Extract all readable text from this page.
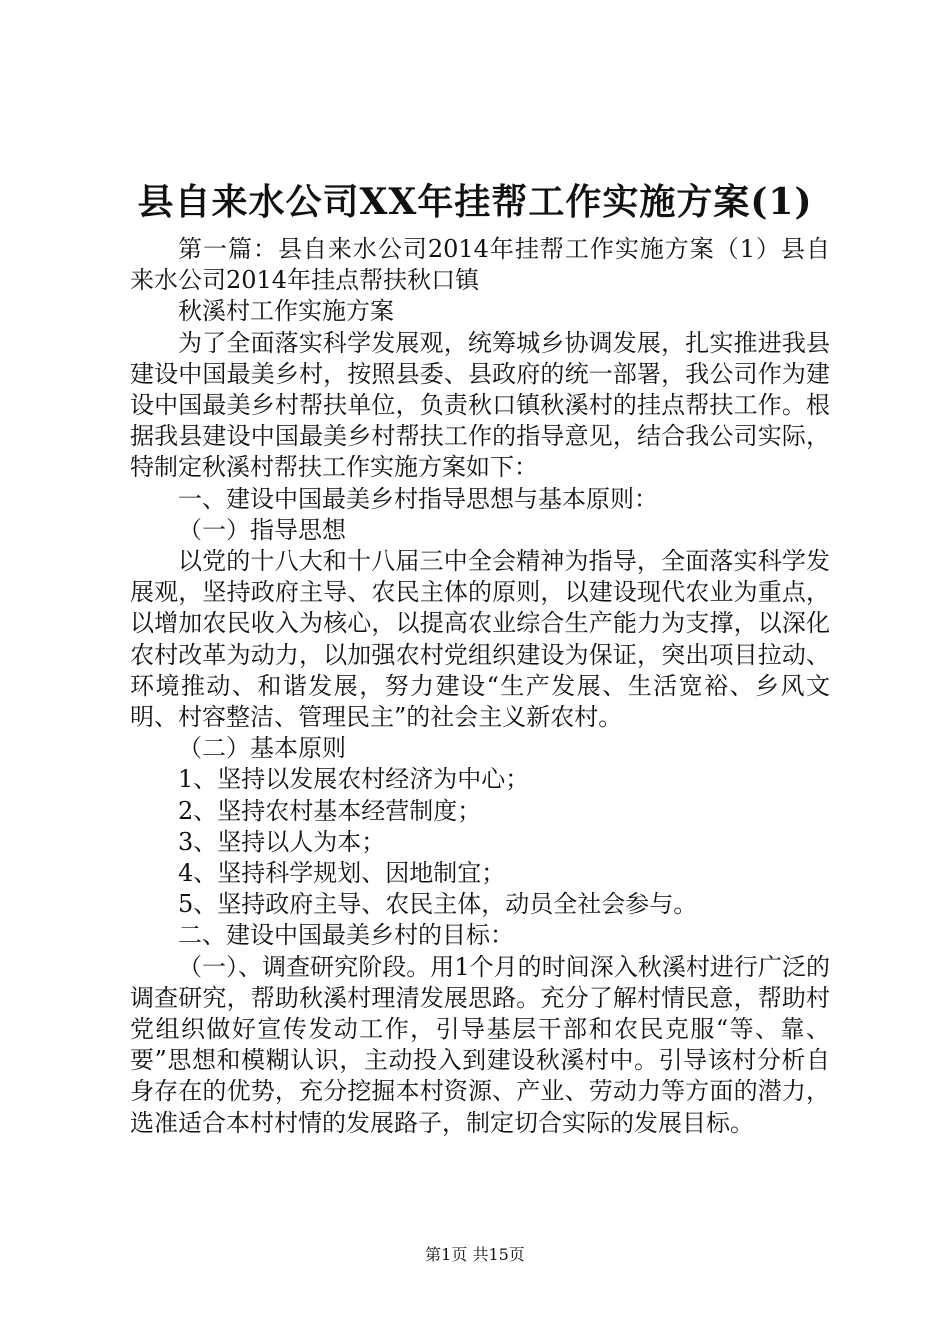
县自来水公司XX年挂帮工作实施方案(1)

第一篇：县自来水公司2014年挂帮工作实施方案（1）县自来水公司2014年挂点帮扶秋口镇

秋溪村工作实施方案

为了全面落实科学发展观，统筹城乡协调发展，扎实推进我县建设中国最美乡村，按照县委、县政府的统一部署，我公司作为建设中国最美乡村帮扶单位，负责秋口镇秋溪村的挂点帮扶工作。根据我县建设中国最美乡村帮扶工作的指导意见，结合我公司实际，特制定秋溪村帮扶工作实施方案如下：

一、建设中国最美乡村指导思想与基本原则：

（一）指导思想

以党的十八大和十八届三中全会精神为指导，全面落实科学发展观，坚持政府主导、农民主体的原则，以建设现代农业为重点，以增加农民收入为核心，以提高农业综合生产能力为支撑，以深化农村改革为动力，以加强农村党组织建设为保证，突出项目拉动、环境推动、和谐发展，努力建设“生产发展、生活宽裕、乡风文明、村容整洁、管理民主”的社会主义新农村。

（二）基本原则

1、坚持以发展农村经济为中心；

2、坚持农村基本经营制度；

3、坚持以人为本；

4、坚持科学规划、因地制宜；

5、坚持政府主导、农民主体，动员全社会参与。

二、建设中国最美乡村的目标：

（一）、调查研究阶段。用1个月的时间深入秋溪村进行广泛的调查研究，帮助秋溪村理清发展思路。充分了解村情民意，帮助村党组织做好宣传发动工作，引导基层干部和农民克服“等、靠、要”思想和模糊认识，主动投入到建设秋溪村中。引导该村分析自身存在的优势，充分挖掘本村资源、产业、劳动力等方面的潜力，选准适合本村村情的发展路子，制定切合实际的发展目标。

第1页 共15页
